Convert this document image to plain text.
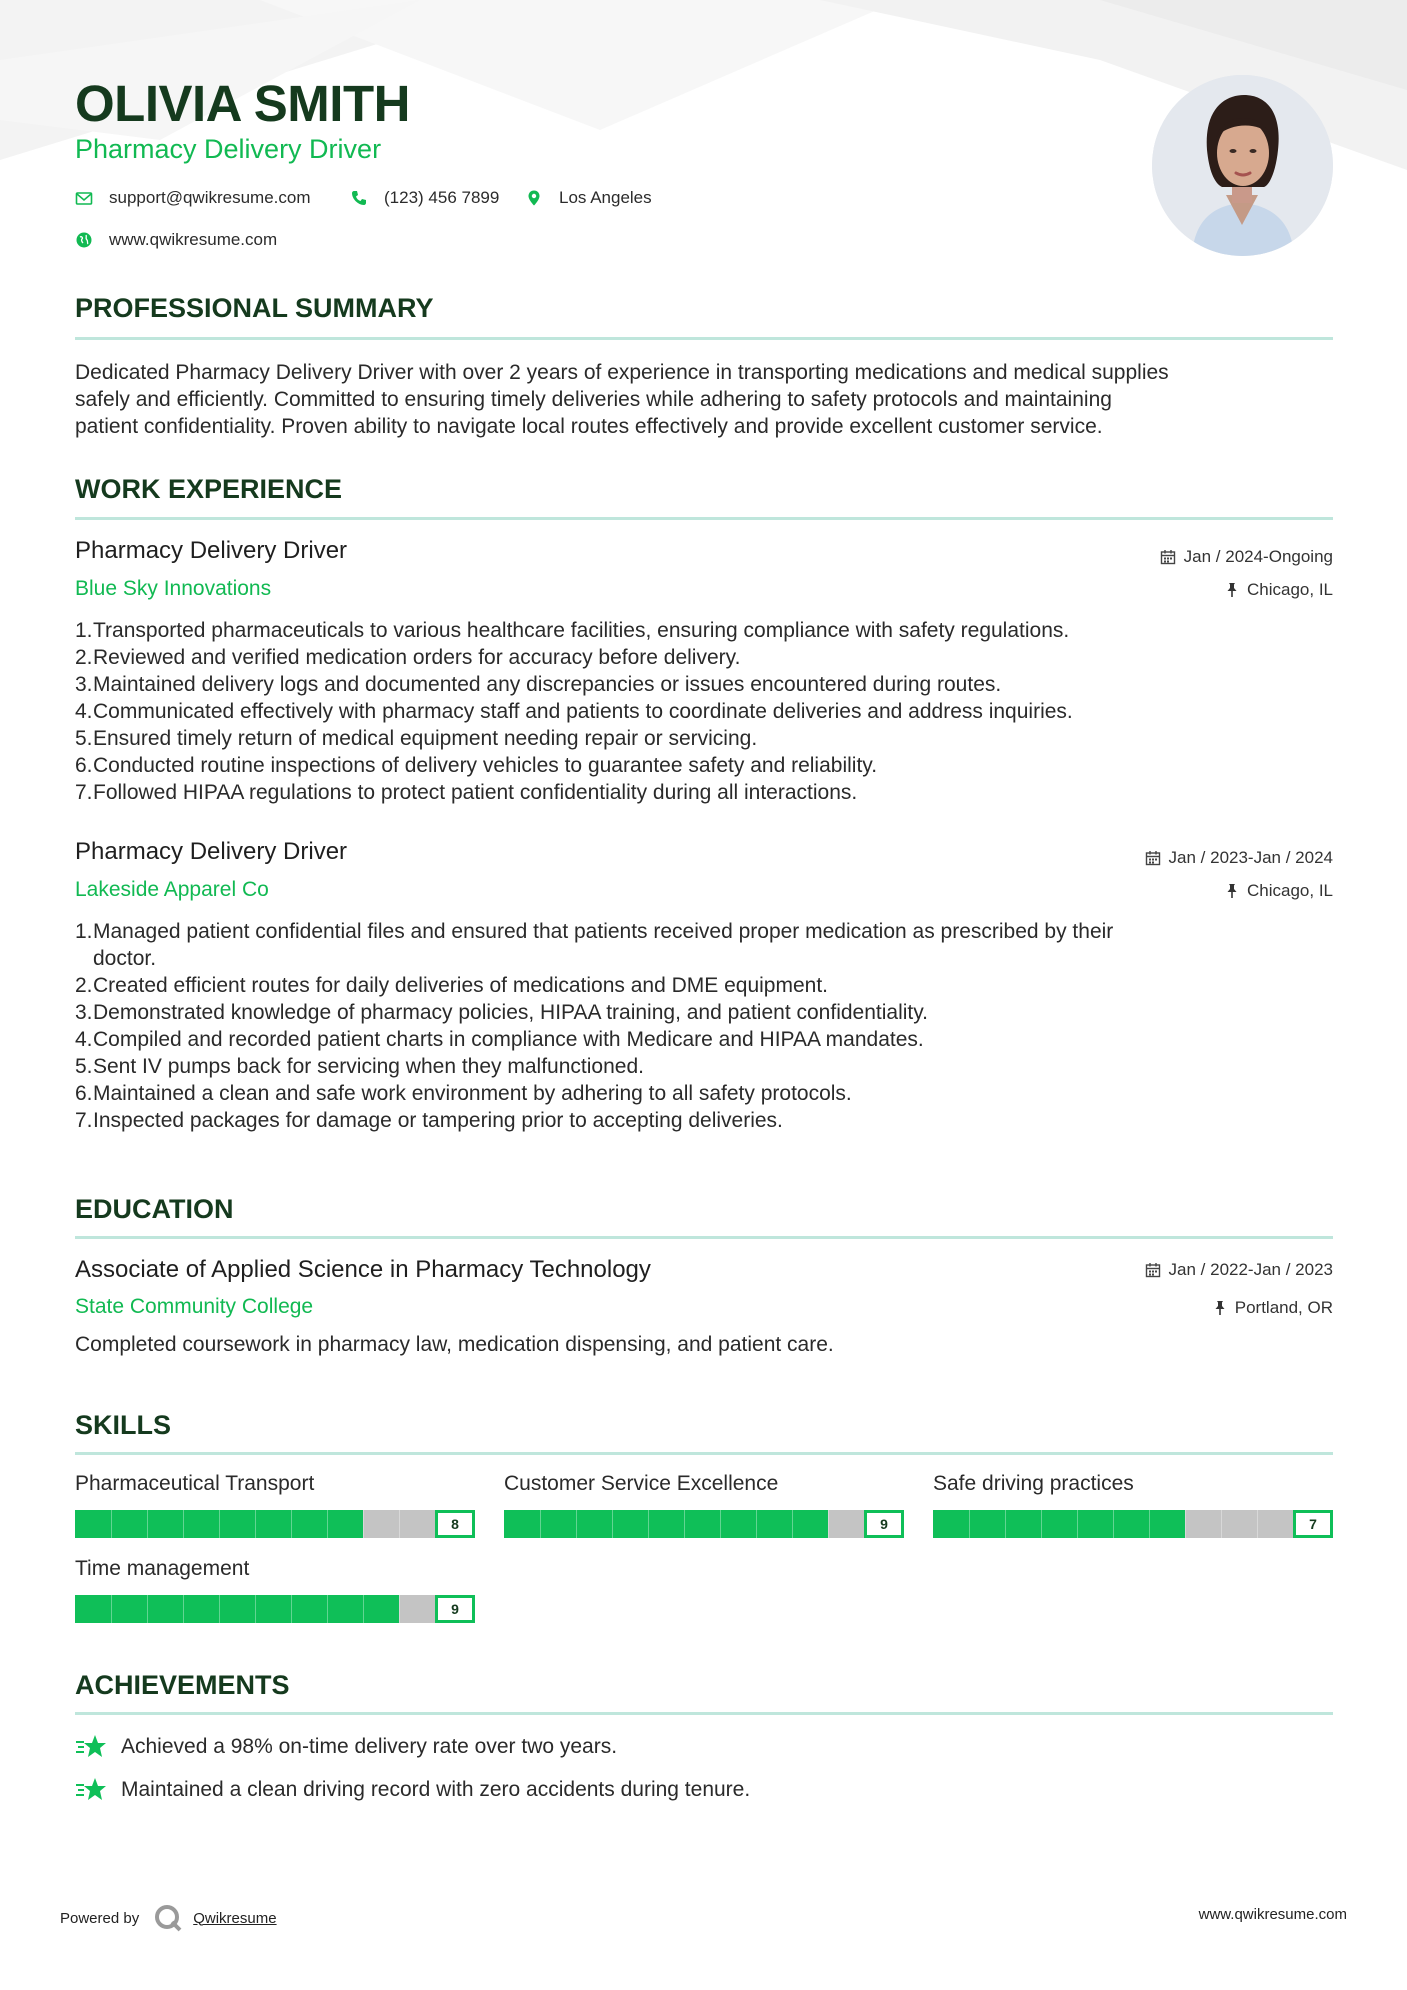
OLIVIA SMITH
Pharmacy Delivery Driver
support@qwikresume.com	(123) 456 7899	Los Angeles
www.qwikresume.com
PROFESSIONAL SUMMARY
Dedicated Pharmacy Delivery Driver with over 2 years of experience in transporting medications and medical supplies
safely and efficiently. Committed to ensuring timely deliveries while adhering to safety protocols and maintaining
patient confidentiality. Proven ability to navigate local routes effectively and provide excellent customer service.
WORK EXPERIENCE
Pharmacy Delivery Driver	Jan / 2024-Ongoing
Blue Sky Innovations	Chicago, IL
1. Transported pharmaceuticals to various healthcare facilities, ensuring compliance with safety regulations.
2. Reviewed and verified medication orders for accuracy before delivery.
3. Maintained delivery logs and documented any discrepancies or issues encountered during routes.
4. Communicated effectively with pharmacy staff and patients to coordinate deliveries and address inquiries.
5. Ensured timely return of medical equipment needing repair or servicing.
6. Conducted routine inspections of delivery vehicles to guarantee safety and reliability.
7. Followed HIPAA regulations to protect patient confidentiality during all interactions.
Pharmacy Delivery Driver	Jan / 2023-Jan / 2024
Lakeside Apparel Co	Chicago, IL
1. Managed patient confidential files and ensured that patients received proper medication as prescribed by their
doctor.
2. Created efficient routes for daily deliveries of medications and DME equipment.
3. Demonstrated knowledge of pharmacy policies, HIPAA training, and patient confidentiality.
4. Compiled and recorded patient charts in compliance with Medicare and HIPAA mandates.
5. Sent IV pumps back for servicing when they malfunctioned.
6. Maintained a clean and safe work environment by adhering to all safety protocols.
7. Inspected packages for damage or tampering prior to accepting deliveries.
EDUCATION
Associate of Applied Science in Pharmacy Technology	Jan / 2022-Jan / 2023
State Community College	Portland, OR
Completed coursework in pharmacy law, medication dispensing, and patient care.
SKILLS
Pharmaceutical Transport
8
Customer Service Excellence
9
Safe driving practices
7
Time management
9
ACHIEVEMENTS
Achieved a 98% on-time delivery rate over two years.
Maintained a clean driving record with zero accidents during tenure.
Powered by	Qwikresume	www.qwikresume.com
